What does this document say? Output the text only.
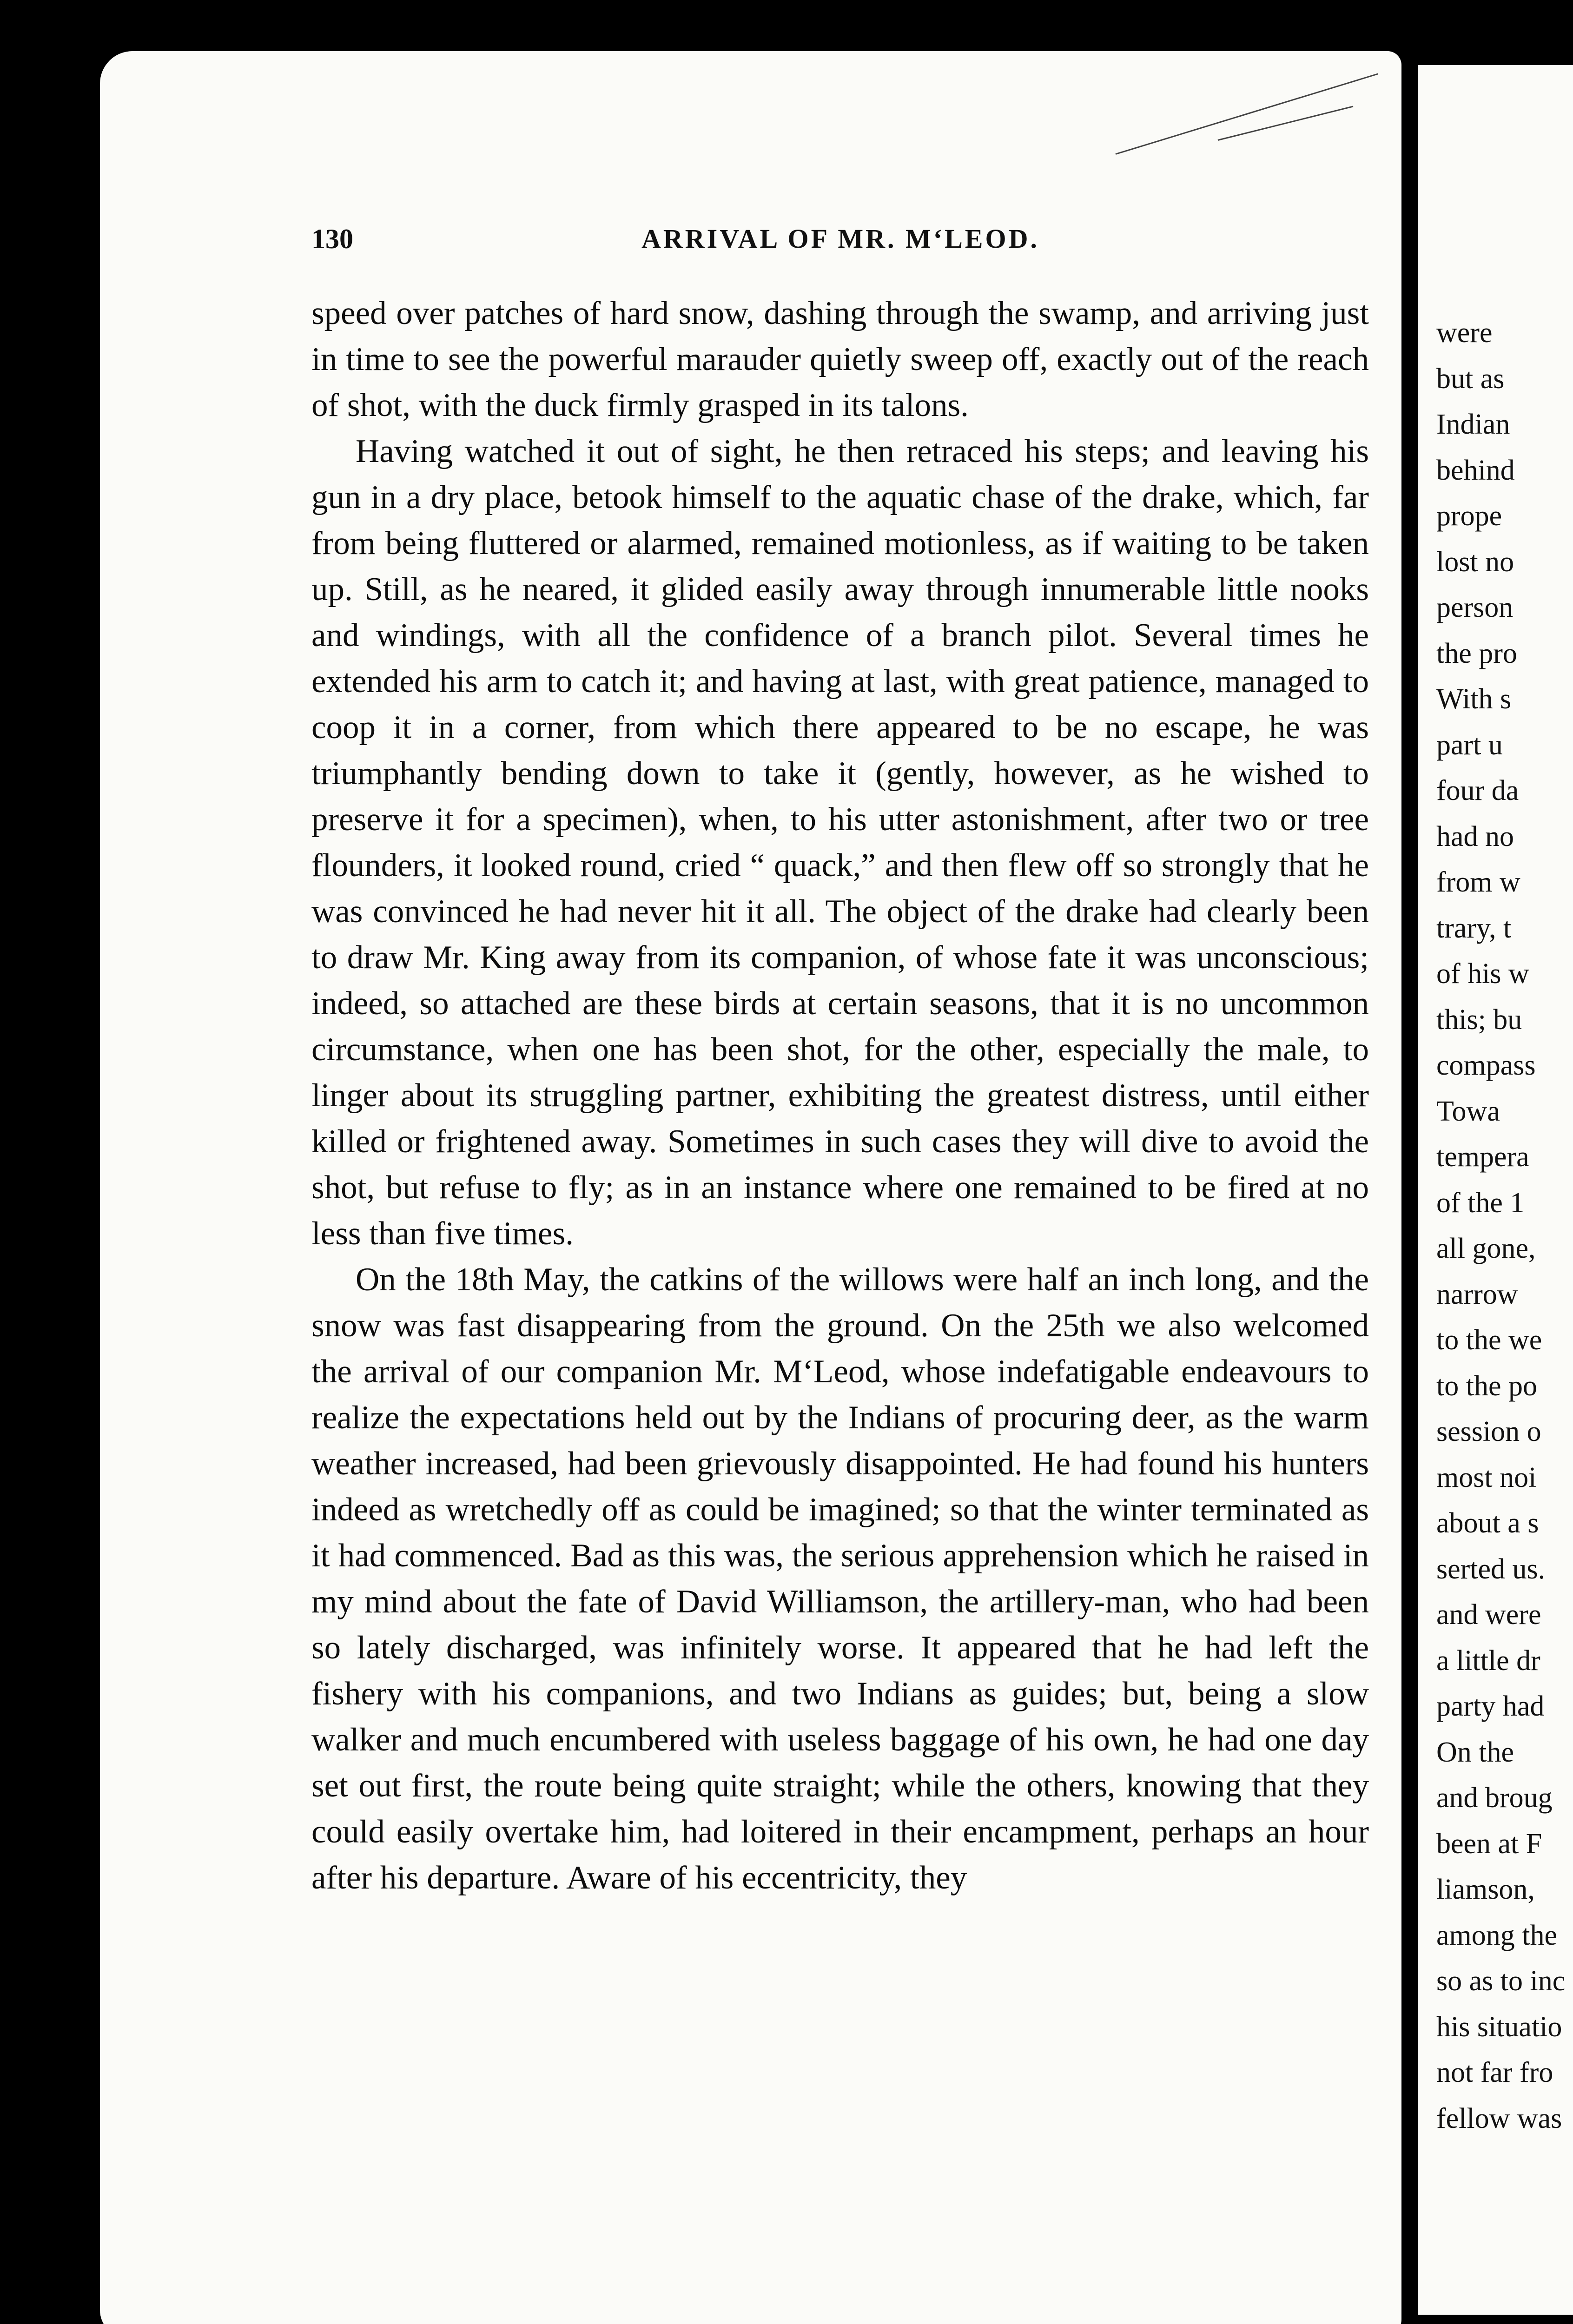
130	ARRIVAL OF MR. M‘LEOD.

speed over patches of hard snow, dashing through the swamp, and arriving just in time to see the powerful marauder quietly sweep off, exactly out of the reach of shot, with the duck firmly grasped in its talons.

Having watched it out of sight, he then retraced his steps; and leaving his gun in a dry place, betook himself to the aquatic chase of the drake, which, far from being fluttered or alarmed, remained motionless, as if waiting to be taken up. Still, as he neared, it glided easily away through innumerable little nooks and windings, with all the confidence of a branch pilot. Several times he extended his arm to catch it; and having at last, with great patience, managed to coop it in a corner, from which there appeared to be no escape, he was triumphantly bending down to take it (gently, however, as he wished to preserve it for a specimen), when, to his utter astonishment, after two or tree flounders, it looked round, cried “ quack,” and then flew off so strongly that he was convinced he had never hit it all. The object of the drake had clearly been to draw Mr. King away from its companion, of whose fate it was unconscious; indeed, so attached are these birds at certain seasons, that it is no uncommon circumstance, when one has been shot, for the other, especially the male, to linger about its struggling partner, exhibiting the greatest distress, until either killed or frightened away. Sometimes in such cases they will dive to avoid the shot, but refuse to fly; as in an instance where one remained to be fired at no less than five times.

On the 18th May, the catkins of the willows were half an inch long, and the snow was fast disappearing from the ground. On the 25th we also welcomed the arrival of our companion Mr. M‘Leod, whose indefatigable endeavours to realize the expectations held out by the Indians of procuring deer, as the warm weather increased, had been grievously disappointed. He had found his hunters indeed as wretchedly off as could be imagined; so that the winter terminated as it had commenced. Bad as this was, the serious apprehension which he raised in my mind about the fate of David Williamson, the artillery-man, who had been so lately discharged, was infinitely worse. It appeared that he had left the fishery with his companions, and two Indians as guides; but, being a slow walker and much encumbered with useless baggage of his own, he had one day set out first, the route being quite straight; while the others, knowing that they could easily overtake him, had loitered in their encampment, perhaps an hour after his departure. Aware of his eccentricity, they

were
but as
Indian
behind
prope
lost no
person
the pro
With s
part u
four da
had no
from w
trary, t
of his w
this; bu
compass
Towa
tempera
of the 1
all gone,
narrow
to the we
to the po
session o
most noi
about a s
serted us.
and were
a little dr
party had
On the
and broug
been at F
liamson,
among the
so as to inc
his situatio
not far fro
fellow was
